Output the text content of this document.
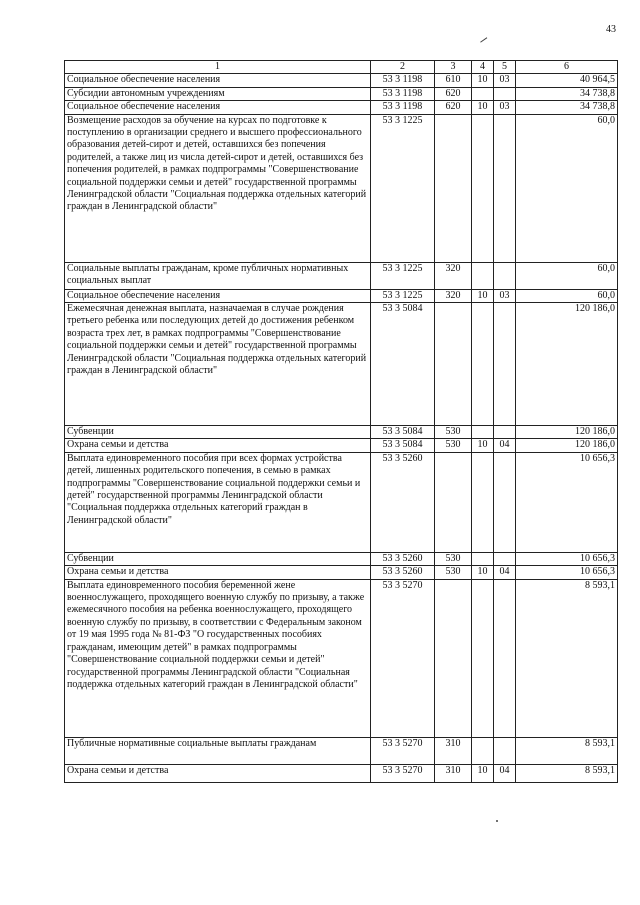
43
1	2	3	4	5	6
Социальное обеспечение населения	53 3 1198	610	10	03	40 964,5
Субсидии автономным учреждениям	53 3 1198	620			34 738,8
Социальное обеспечение населения	53 3 1198	620	10	03	34 738,8
Возмещение расходов за обучение на курсах по подготовке к поступлению в организации среднего и высшего профессионального образования детей-сирот и детей, оставшихся без попечения родителей, а также лиц из числа детей-сирот и детей, оставшихся без попечения родителей, в рамках подпрограммы "Совершенствование социальной поддержки семьи и детей" государственной программы Ленинградской области "Социальная поддержка отдельных категорий граждан в Ленинградской области"	53 3 1225				60,0
Социальные выплаты гражданам, кроме публичных нормативных социальных выплат	53 3 1225	320			60,0
Социальное обеспечение населения	53 3 1225	320	10	03	60,0
Ежемесячная денежная выплата, назначаемая в случае рождения третьего ребенка или последующих детей до достижения ребенком возраста трех лет, в рамках подпрограммы "Совершенствование социальной поддержки семьи и детей" государственной программы Ленинградской области "Социальная поддержка отдельных категорий граждан в Ленинградской области"	53 3 5084				120 186,0
Субвенции	53 3 5084	530			120 186,0
Охрана семьи и детства	53 3 5084	530	10	04	120 186,0
Выплата единовременного пособия при всех формах устройства детей, лишенных родительского попечения, в семью в рамках подпрограммы "Совершенствование социальной поддержки семьи и детей" государственной программы Ленинградской области "Социальная поддержка отдельных категорий граждан в Ленинградской области"	53 3 5260				10 656,3
Субвенции	53 3 5260	530			10 656,3
Охрана семьи и детства	53 3 5260	530	10	04	10 656,3
Выплата единовременного пособия беременной жене военнослужащего, проходящего военную службу по призыву, а также ежемесячного пособия на ребенка военнослужащего, проходящего военную службу по призыву, в соответствии с Федеральным законом от 19 мая 1995 года № 81-ФЗ "О государственных пособиях гражданам, имеющим детей" в рамках подпрограммы "Совершенствование социальной поддержки семьи и детей" государственной программы Ленинградской области "Социальная поддержка отдельных категорий граждан в Ленинградской области"	53 3 5270				8 593,1
Публичные нормативные социальные выплаты гражданам	53 3 5270	310			8 593,1
Охрана семьи и детства	53 3 5270	310	10	04	8 593,1
